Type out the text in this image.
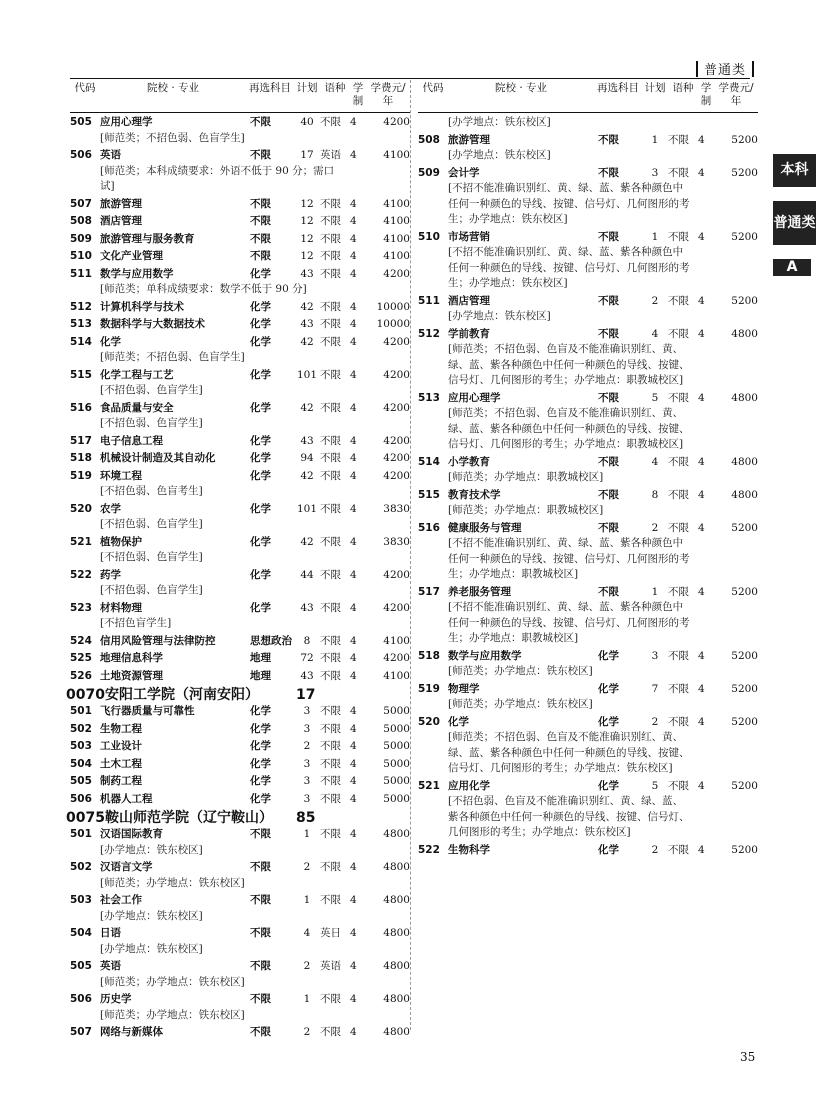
普通类
本科
普通类
A
代码	院校 · 专业	再选科目 计划 语种 学制
学费元/年
505 应用心理学	不限	40 不限 4	4200
[师范类；不招色弱、色盲学生]
506 英语	不限	17 英语 4	4100
[师范类；本科成绩要求：外语不低于 90 分；需口试]
507 旅游管理	不限	12 不限 4	4100
508 酒店管理	不限	12 不限 4	4100
509 旅游管理与服务教育	不限	12 不限 4	4100
510 文化产业管理	不限	12 不限 4	4100
511 数学与应用数学	化学	43 不限 4	4200
[师范类；单科成绩要求：数学不低于 90 分]
512 计算机科学与技术	化学	42 不限 4	10000
513 数据科学与大数据技术	化学	43 不限 4	10000
514 化学	化学	42 不限 4	4200
[师范类；不招色弱、色盲学生]
515 化学工程与工艺	化学	101 不限 4	4200
[不招色弱、色盲学生]
516 食品质量与安全	化学	42 不限 4	4200
[不招色弱、色盲学生]
517 电子信息工程	化学	43 不限 4	4200
518 机械设计制造及其自动化	化学	94 不限 4	4200
519 环境工程	化学	42 不限 4	4200
[不招色弱、色盲考生]
520 农学	化学	101 不限 4	3830
[不招色弱、色盲学生]
521 植物保护	化学	42 不限 4	3830
[不招色弱、色盲学生]
522 药学	化学	44 不限 4	4200
[不招色弱、色盲学生]
523 材料物理	化学	43 不限 4	4200
[不招色盲学生]
524 信用风险管理与法律防控	思想政治	8 不限 4	4100
525 地理信息科学	地理	72 不限 4	4200
526 土地资源管理	地理	43 不限 4	4100
0070安阳工学院（河南安阳）	17
501 飞行器质量与可靠性	化学	3 不限 4	5000
502 生物工程	化学	3 不限 4	5000
503 工业设计	化学	2 不限 4	5000
504 土木工程	化学	3 不限 4	5000
505 制药工程	化学	3 不限 4	5000
506 机器人工程	化学	3 不限 4	5000
0075鞍山师范学院（辽宁鞍山）	85
501 汉语国际教育	不限	1 不限 4	4800
[办学地点：铁东校区]
502 汉语言文学	不限	2 不限 4	4800
[师范类；办学地点：铁东校区]
503 社会工作	不限	1 不限 4	4800
[办学地点：铁东校区]
504 日语	不限	4 英日 4	4800
[办学地点：铁东校区]
505 英语	不限	2 英语 4	4800
[师范类；办学地点：铁东校区]
506 历史学	不限	1 不限 4	4800
[师范类；办学地点：铁东校区]
507 网络与新媒体	不限	2 不限 4	4800
代码	院校 · 专业	再选科目 计划 语种 学制
学费元/年
[办学地点：铁东校区]
508 旅游管理	不限	1 不限 4	5200
[办学地点：铁东校区]
509 会计学	不限	3 不限 4	5200
[不招不能准确识别红、黄、绿、蓝、紫各种颜色中任何一种颜色的导线、按键、信号灯、几何图形的考生；办学地点：铁东校区]
510 市场营销	不限	1 不限 4	5200
[不招不能准确识别红、黄、绿、蓝、紫各种颜色中任何一种颜色的导线、按键、信号灯、几何图形的考生；办学地点：铁东校区]
511 酒店管理	不限	2 不限 4	5200
[办学地点：铁东校区]
512 学前教育	不限	4 不限 4	4800
[师范类；不招色弱、色盲及不能准确识别红、黄、绿、蓝、紫各种颜色中任何一种颜色的导线、按键、信号灯、几何图形的考生；办学地点：职教城校区]
513 应用心理学	不限	5 不限 4	4800
[师范类；不招色弱、色盲及不能准确识别红、黄、绿、蓝、紫各种颜色中任何一种颜色的导线、按键、信号灯、几何图形的考生；办学地点：职教城校区]
514 小学教育	不限	4 不限 4	4800
[师范类；办学地点：职教城校区]
515 教育技术学	不限	8 不限 4	4800
[师范类；办学地点：职教城校区]
516 健康服务与管理	不限	2 不限 4	5200
[不招不能准确识别红、黄、绿、蓝、紫各种颜色中任何一种颜色的导线、按键、信号灯、几何图形的考生；办学地点：职教城校区]
517 养老服务管理	不限	1 不限 4	5200
[不招不能准确识别红、黄、绿、蓝、紫各种颜色中任何一种颜色的导线、按键、信号灯、几何图形的考生；办学地点：职教城校区]
518 数学与应用数学	化学	3 不限 4	5200
[师范类；办学地点：铁东校区]
519 物理学	化学	7 不限 4	5200
[师范类；办学地点：铁东校区]
520 化学	化学	2 不限 4	5200
[师范类；不招色弱、色盲及不能准确识别红、黄、绿、蓝、紫各种颜色中任何一种颜色的导线、按键、信号灯、几何图形的考生；办学地点：铁东校区]
521 应用化学	化学	5 不限 4	5200
[不招色弱、色盲及不能准确识别红、黄、绿、蓝、紫各种颜色中任何一种颜色的导线、按键、信号灯、几何图形的考生；办学地点：铁东校区]
522 生物科学	化学	2 不限 4	5200
35
